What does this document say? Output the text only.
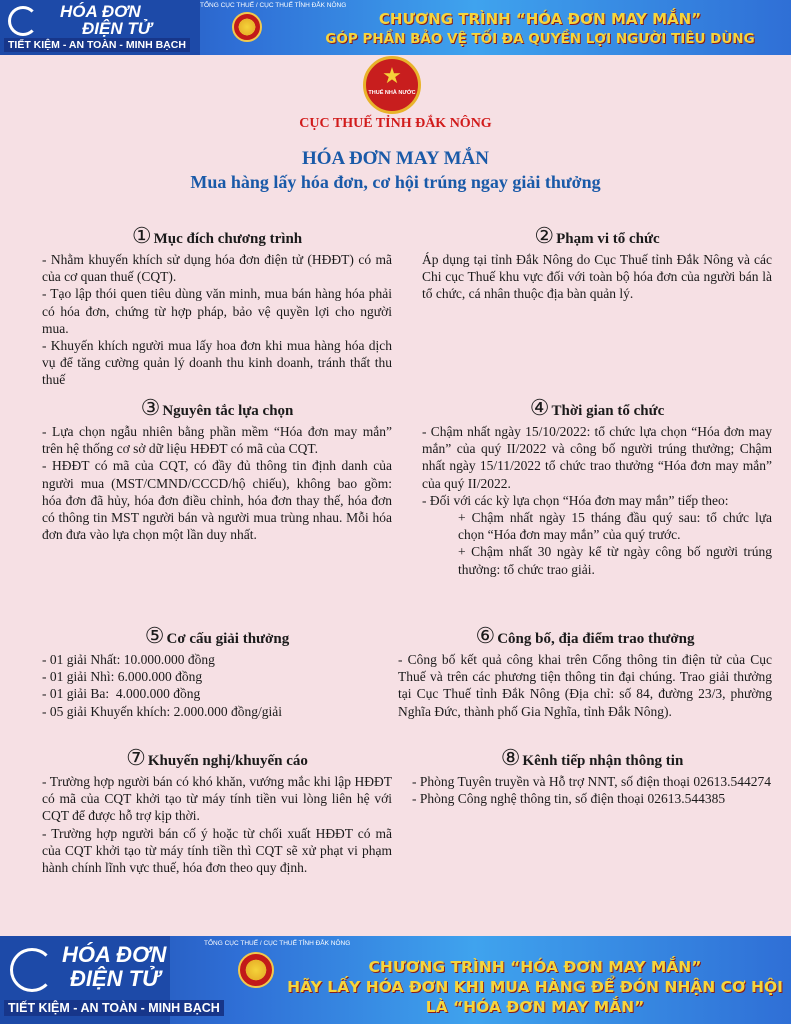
HÓA ĐƠN
ĐIỆN TỬ
TIẾT KIỆM - AN TOÀN - MINH BẠCH
TỔNG CỤC THUẾ / CỤC THUẾ TỈNH ĐẮK NÔNG
CHƯƠNG TRÌNH “HÓA ĐƠN MAY MẮN”
GÓP PHẦN BẢO VỆ TỐI ĐA QUYỀN LỢI NGƯỜI TIÊU DÙNG
★
THUẾ NHÀ NƯỚC
CỤC THUẾ TỈNH ĐẮK NÔNG
HÓA ĐƠN MAY MẮN
Mua hàng lấy hóa đơn, cơ hội trúng ngay giải thưởng
① Mục đích chương trình

- Nhằm khuyến khích sử dụng hóa đơn điện tử (HĐĐT) có mã của cơ quan thuế (CQT).

- Tạo lập thói quen tiêu dùng văn minh, mua bán hàng hóa phải có hóa đơn, chứng từ hợp pháp, bảo vệ quyền lợi cho người mua.

- Khuyến khích người mua lấy hoa đơn khi mua hàng hóa dịch vụ để tăng cường quản lý doanh thu kinh doanh, tránh thất thu thuế

② Phạm vi tổ chức

Áp dụng tại tỉnh Đắk Nông do Cục Thuế tỉnh Đắk Nông và các Chi cục Thuế khu vực đối với toàn bộ hóa đơn của người bán là tổ chức, cá nhân thuộc địa bàn quản lý.

③ Nguyên tắc lựa chọn

- Lựa chọn ngẫu nhiên bằng phần mềm “Hóa đơn may mắn” trên hệ thống cơ sở dữ liệu HĐĐT có mã của CQT.

- HĐĐT có mã của CQT, có đầy đủ thông tin định danh của người mua (MST/CMND/CCCD/hộ chiếu), không bao gồm: hóa đơn đã hủy, hóa đơn điều chỉnh, hóa đơn thay thế, hóa đơn có thông tin MST người bán và người mua trùng nhau. Mỗi hóa đơn đưa vào lựa chọn một lần duy nhất.

④ Thời gian tổ chức

- Chậm nhất ngày 15/10/2022: tổ chức lựa chọn “Hóa đơn may mắn” của quý II/2022 và công bố người trúng thưởng; Chậm nhất ngày 15/11/2022 tổ chức trao thưởng “Hóa đơn may mắn” của quý II/2022.

- Đối với các kỳ lựa chọn “Hóa đơn may mắn” tiếp theo:

+ Chậm nhất ngày 15 tháng đầu quý sau: tổ chức lựa chọn “Hóa đơn may mắn” của quý trước.

+ Chậm nhất 30 ngày kể từ ngày công bố người trúng thưởng: tổ chức trao giải.

⑤ Cơ cấu giải thưởng

- 01 giải Nhất: 10.000.000 đồng

- 01 giải Nhì: 6.000.000 đồng

- 01 giải Ba:  4.000.000 đồng

- 05 giải Khuyến khích: 2.000.000 đồng/giải

⑥ Công bố, địa điểm trao thưởng

- Công bố kết quả công khai trên Cổng thông tin điện tử của Cục Thuế và trên các phương tiện thông tin đại chúng. Trao giải thưởng tại Cục Thuế tỉnh Đắk Nông (Địa chỉ: số 84, đường 23/3, phường Nghĩa Đức, thành phố Gia Nghĩa, tỉnh Đắk Nông).

⑦ Khuyến nghị/khuyến cáo

- Trường hợp người bán có khó khăn, vướng mắc khi lập HĐĐT có mã của CQT khởi tạo từ máy tính tiền vui lòng liên hệ với CQT để được hỗ trợ kịp thời.

- Trường hợp người bán cố ý hoặc từ chối xuất HĐĐT có mã của CQT khởi tạo từ máy tính tiền thì CQT sẽ xử phạt vi phạm hành chính lĩnh vực thuế, hóa đơn theo quy định.

⑧ Kênh tiếp nhận thông tin

- Phòng Tuyên truyền và Hỗ trợ NNT, số điện thoại 02613.544274

- Phòng Công nghệ thông tin, số điện thoại 02613.544385

HÓA ĐƠN
ĐIỆN TỬ
TIẾT KIỆM - AN TOÀN - MINH BẠCH
TỔNG CỤC THUẾ / CỤC THUẾ TỈNH ĐẮK NÔNG
CHƯƠNG TRÌNH “HÓA ĐƠN MAY MẮN”
HÃY LẤY HÓA ĐƠN KHI MUA HÀNG ĐỂ ĐÓN NHẬN CƠ HỘI
LÀ “HÓA ĐƠN MAY MẮN”
